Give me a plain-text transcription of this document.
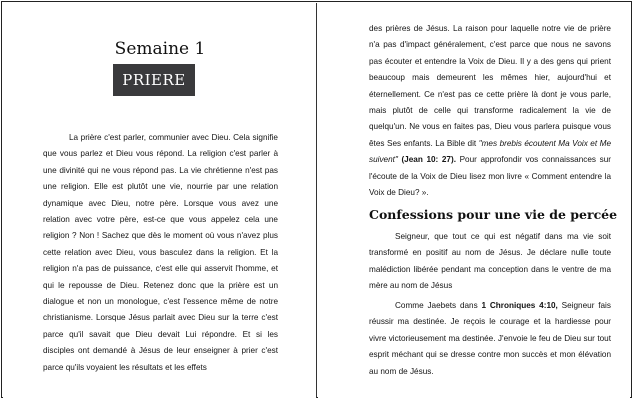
Semaine 1
PRIERE

La prière c'est parler, communier avec Dieu. Cela signifie que vous parlez et Dieu vous répond. La religion c'est parler à une divinité qui ne vous répond pas. La vie chrétienne n'est pas une religion. Elle est plutôt une vie, nourrie par une relation dynamique avec Dieu, notre père. Lorsque vous avez une relation avec votre père, est-ce que vous appelez cela une religion ? Non ! Sachez que dès le moment où vous n'avez plus cette relation avec Dieu, vous basculez dans la religion. Et la religion n'a pas de puissance, c'est elle qui asservit l'homme, et qui le repousse de Dieu. Retenez donc que la prière est un dialogue et non un monologue, c'est l'essence même de notre christianisme. Lorsque Jésus parlait avec Dieu sur la terre c'est parce qu'il savait que Dieu devait Lui répondre. Et si les disciples ont demandé à Jésus de leur enseigner à prier c'est parce qu'ils voyaient les résultats et les effets

des prières de Jésus. La raison pour laquelle notre vie de prière n'a pas d'impact généralement, c'est parce que nous ne savons pas écouter et entendre la Voix de Dieu. Il y a des gens qui prient beaucoup mais demeurent les mêmes hier, aujourd'hui et éternellement. Ce n'est pas ce cette prière là dont je vous parle, mais plutôt de celle qui transforme radicalement la vie de quelqu'un. Ne vous en faites pas, Dieu vous parlera puisque vous êtes Ses enfants. La Bible dit "mes brebis écoutent Ma Voix et Me suivent" (Jean 10: 27). Pour approfondir vos connaissances sur l'écoute de la Voix de Dieu lisez mon livre « Comment entendre la Voix de Dieu? ».

Confessions pour une vie de percée

Seigneur, que tout ce qui est négatif dans ma vie soit transformé en positif au nom de Jésus. Je déclare nulle toute malédiction libérée pendant ma conception dans le ventre de ma mère au nom de Jésus

Comme Jaebets dans 1 Chroniques 4:10, Seigneur fais réussir ma destinée. Je reçois le courage et la hardiesse pour vivre victorieusement ma destinée. J'envoie le feu de Dieu sur tout esprit méchant qui se dresse contre mon succès et mon élévation au nom de Jésus.
